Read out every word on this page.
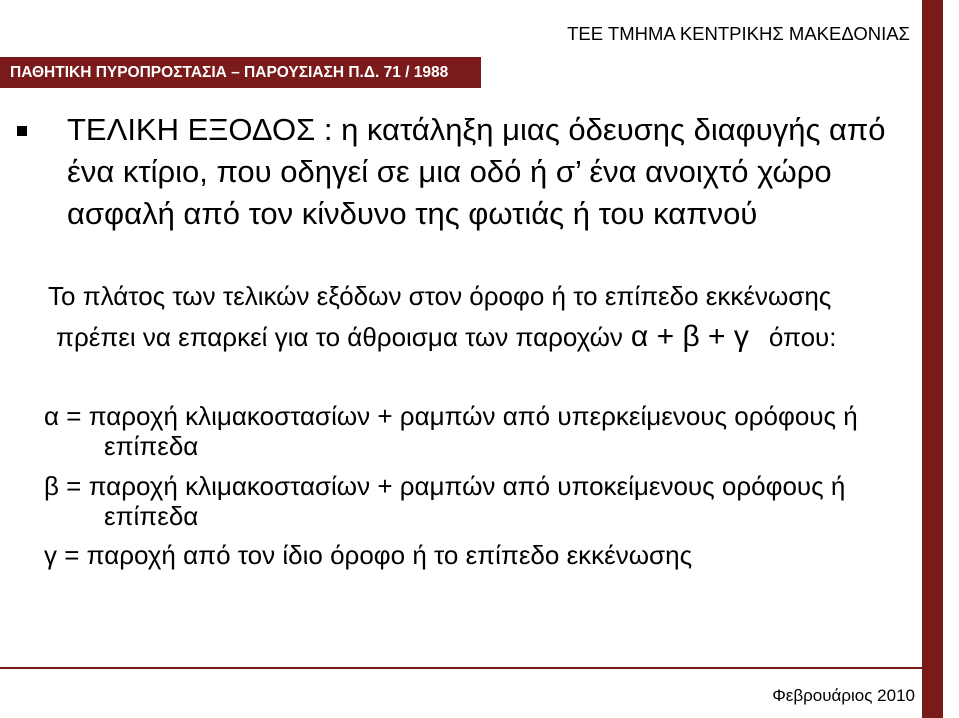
ΤΕΕ ΤΜΗΜΑ ΚΕΝΤΡΙΚΗΣ ΜΑΚΕΔΟΝΙΑΣ
ΠΑΘΗΤΙΚΗ ΠΥΡΟΠΡΟΣΤΑΣΙΑ – ΠΑΡΟΥΣΙΑΣΗ Π.Δ. 71 / 1988
ΤΕΛΙΚΗ ΕΞΟΔΟΣ : η κατάληξη μιας όδευσης διαφυγής από
ένα κτίριο, που οδηγεί σε μια οδό ή σ’ ένα ανοιχτό χώρο
ασφαλή από τον κίνδυνο της φωτιάς ή του καπνού
Το πλάτος των τελικών εξόδων στον όροφο ή το επίπεδο εκκένωσης
πρέπει να επαρκεί για το άθροισμα των παροχών α + β + γ όπου:
α = παροχή κλιμακοστασίων + ραμπών από υπερκείμενους ορόφους ή
επίπεδα
β = παροχή κλιμακοστασίων + ραμπών από υποκείμενους ορόφους ή
επίπεδα
γ = παροχή από τον ίδιο όροφο ή το επίπεδο εκκένωσης
Φεβρουάριος 2010
